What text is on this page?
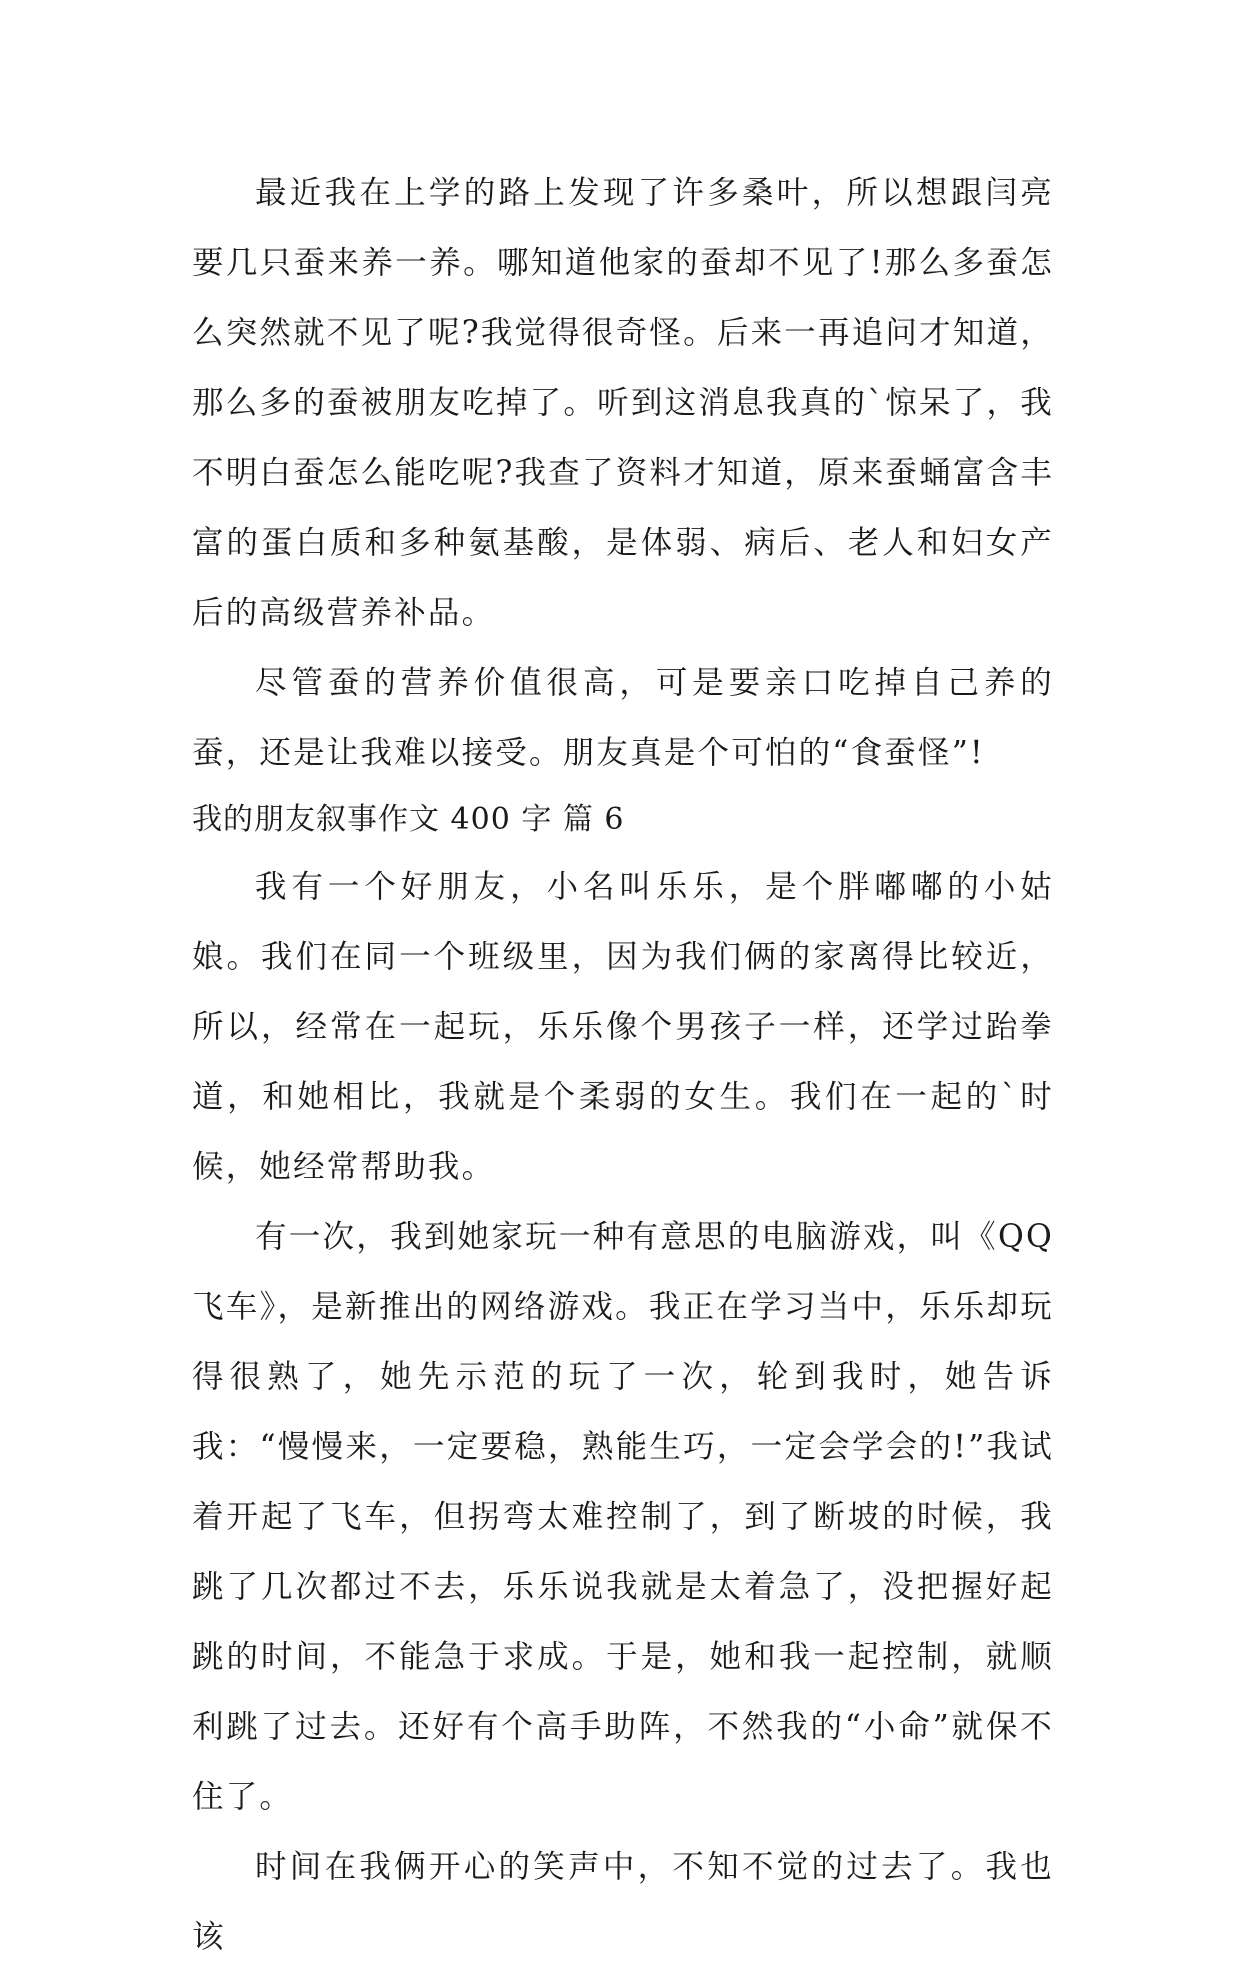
最近我在上学的路上发现了许多桑叶，所以想跟闫亮要几只蚕来养一养。哪知道他家的蚕却不见了!那么多蚕怎么突然就不见了呢?我觉得很奇怪。后来一再追问才知道，那么多的蚕被朋友吃掉了。听到这消息我真的`惊呆了，我不明白蚕怎么能吃呢?我查了资料才知道，原来蚕蛹富含丰富的蛋白质和多种氨基酸，是体弱、病后、老人和妇女产后的高级营养补品。

尽管蚕的营养价值很高，可是要亲口吃掉自己养的蚕，还是让我难以接受。朋友真是个可怕的“食蚕怪”!

我的朋友叙事作文 400 字 篇 6

我有一个好朋友，小名叫乐乐，是个胖嘟嘟的小姑娘。我们在同一个班级里，因为我们俩的家离得比较近，所以，经常在一起玩，乐乐像个男孩子一样，还学过跆拳道，和她相比，我就是个柔弱的女生。我们在一起的`时候，她经常帮助我。

有一次，我到她家玩一种有意思的电脑游戏，叫《QQ 飞车》，是新推出的网络游戏。我正在学习当中，乐乐却玩得很熟了，她先示范的玩了一次，轮到我时，她告诉我：“慢慢来，一定要稳，熟能生巧，一定会学会的!”我试着开起了飞车，但拐弯太难控制了，到了断坡的时候，我跳了几次都过不去，乐乐说我就是太着急了，没把握好起跳的时间，不能急于求成。于是，她和我一起控制，就顺利跳了过去。还好有个高手助阵，不然我的“小命”就保不住了。

时间在我俩开心的笑声中，不知不觉的过去了。我也该
